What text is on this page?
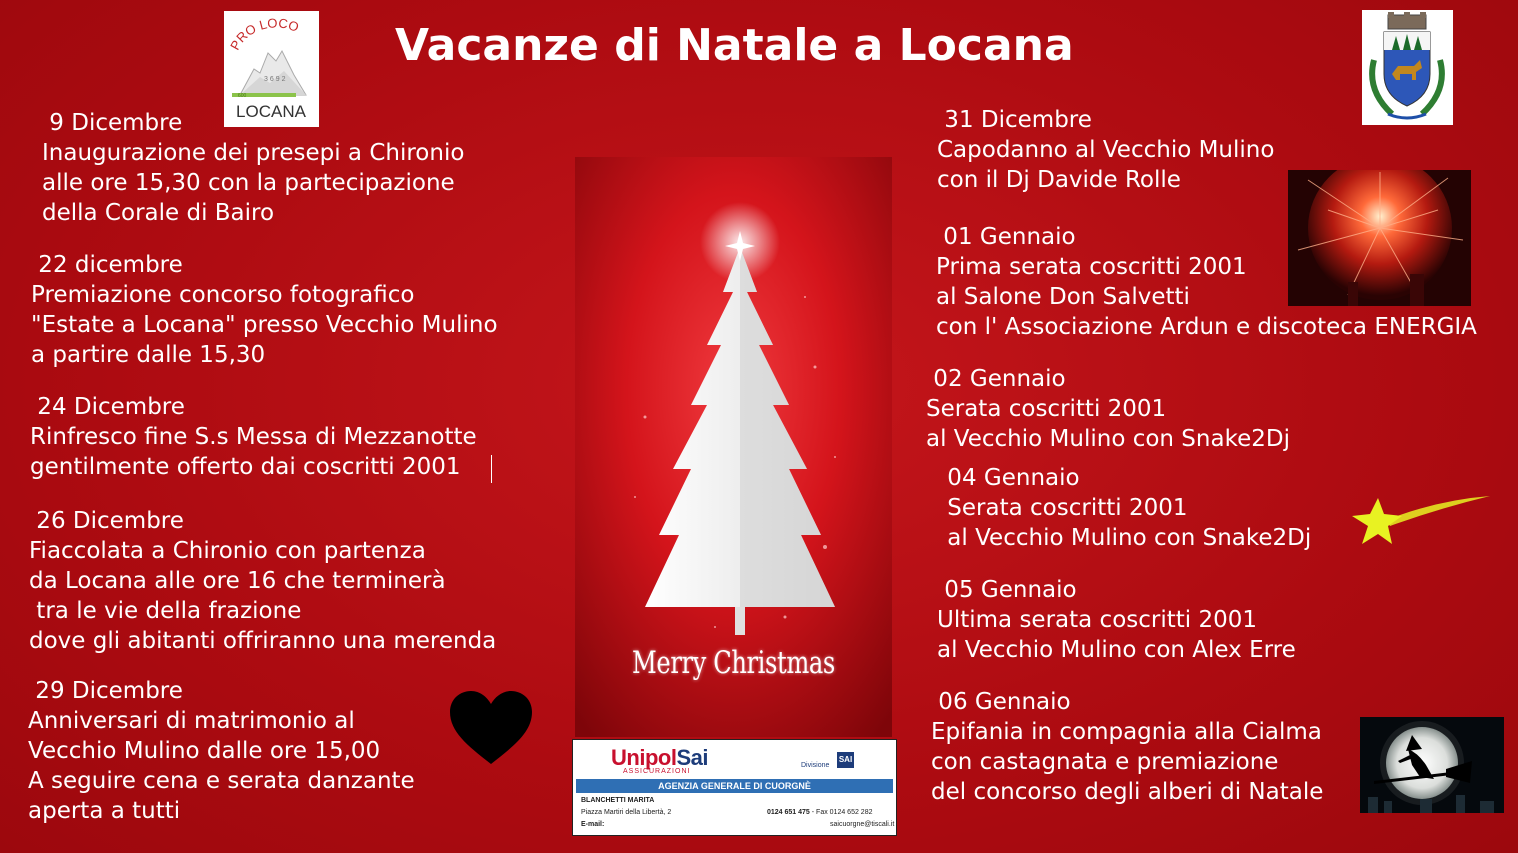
Vacanze di Natale a Locana
PRO LOCO
3692
600
LOCANA
9 Dicembre
Inaugurazione dei presepi a Chironio
alle ore 15,30 con la partecipazione
della Corale di Bairo
22 dicembre
Premiazione concorso fotografico
"Estate a Locana" presso Vecchio Mulino
a partire dalle 15,30
24 Dicembre
Rinfresco fine S.s Messa di Mezzanotte
gentilmente offerto dai coscritti 2001
26 Dicembre
Fiaccolata a Chironio con partenza
da Locana alle ore 16 che terminerà
tra le vie della frazione
dove gli abitanti offriranno una merenda
29 Dicembre
Anniversari di matrimonio al
Vecchio Mulino dalle ore 15,00
A seguire cena e serata danzante
aperta a tutti
Merry Christmas
UnipolSai
ASSICURAZIONI
Divisione
SAI
AGENZIA GENERALE DI CUORGNÈ
BLANCHETTI MARITA
Piazza Martiri della Libertà, 2
E-mail:
0124 651 475 - Fax 0124 652 282
saicuorgne@tiscali.it
31 Dicembre
Capodanno al Vecchio Mulino
con il Dj Davide Rolle
01 Gennaio
Prima serata coscritti 2001
al Salone Don Salvetti
con l' Associazione Ardun e discoteca ENERGIA
02 Gennaio
Serata coscritti 2001
al Vecchio Mulino con Snake2Dj
04 Gennaio
Serata coscritti 2001
al Vecchio Mulino con Snake2Dj
05 Gennaio
Ultima serata coscritti 2001
al Vecchio Mulino con Alex Erre
06 Gennaio
Epifania in compagnia alla Cialma
con castagnata e premiazione
del concorso degli alberi di Natale
